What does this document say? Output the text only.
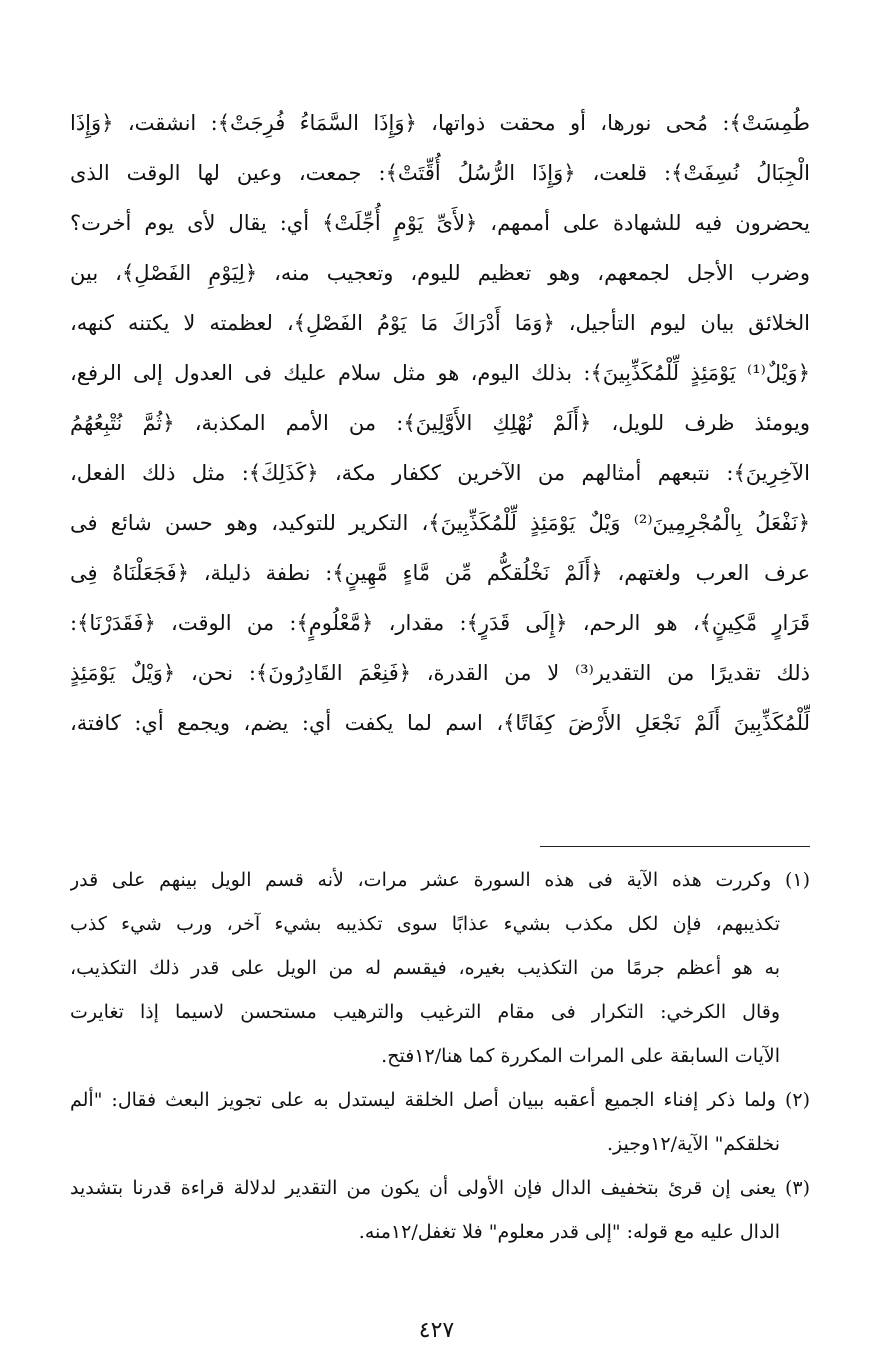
طُمِسَتْ﴾: مُحى نورها، أو محقت ذواتها، ﴿وَإِذَا السَّمَاءُ فُرِجَتْ﴾: انشقت، ﴿وَإِذَا
الْجِبَالُ نُسِفَتْ﴾: قلعت، ﴿وَإِذَا الرُّسُلُ أُقِّتَتْ﴾: جمعت، وعين لها الوقت الذى
يحضرون فيه للشهادة على أممهم، ﴿لأَىِّ يَوْمٍ أُجِّلَتْ﴾ أي: يقال لأى يوم أخرت؟
وضرب الأجل لجمعهم، وهو تعظيم لليوم، وتعجيب منه، ﴿لِيَوْمِ الفَصْلِ﴾، بين
الخلائق بيان ليوم التأجيل، ﴿وَمَا أَدْرَاكَ مَا يَوْمُ الفَصْلِ﴾، لعظمته لا يكتنه كنهه،
﴿وَيْلٌ⁽¹⁾ يَوْمَئِذٍ لِّلْمُكَذِّبِينَ﴾: بذلك اليوم، هو مثل سلام عليك فى العدول إلى الرفع،
ويومئذ ظرف للويل، ﴿أَلَمْ نُهْلِكِ الأَوَّلِينَ﴾: من الأمم المكذبة، ﴿ثُمَّ نُتْبِعُهُمُ
الآخِرِينَ﴾: نتبعهم أمثالهم من الآخرين ككفار مكة، ﴿كَذَلِكَ﴾: مثل ذلك الفعل،
﴿نَفْعَلُ بِالْمُجْرِمِينَ⁽²⁾ وَيْلٌ يَوْمَئِذٍ لِّلْمُكَذِّبِينَ﴾، التكرير للتوكيد، وهو حسن شائع فى
عرف العرب ولغتهم، ﴿أَلَمْ نَخْلُقكُّم مِّن مَّاءٍ مَّهِينٍ﴾: نطفة ذليلة، ﴿فَجَعَلْنَاهُ فِى
قَرَارٍ مَّكِينٍ﴾، هو الرحم، ﴿إِلَى قَدَرٍ﴾: مقدار، ﴿مَّعْلُومٍ﴾: من الوقت، ﴿فَقَدَرْنَا﴾:
ذلك تقديرًا من التقدير⁽³⁾ لا من القدرة، ﴿فَنِعْمَ القَادِرُونَ﴾: نحن، ﴿وَيْلٌ يَوْمَئِذٍ
لِّلْمُكَذِّبِينَ أَلَمْ نَجْعَلِ الأَرْضَ كِفَاتًا﴾، اسم لما يكفت أي: يضم، ويجمع أي: كافتة،
(١) وكررت هذه الآية فى هذه السورة عشر مرات، لأنه قسم الويل بينهم على قدر
تكذيبهم، فإن لكل مكذب بشيء عذابًا سوى تكذيبه بشيء آخر، ورب شيء كذب
به هو أعظم جرمًا من التكذيب بغيره، فيقسم له من الويل على قدر ذلك التكذيب،
وقال الكرخي: التكرار فى مقام الترغيب والترهيب مستحسن لاسيما إذا تغايرت
الآيات السابقة على المرات المكررة كما هنا/١٢فتح.
(٢) ولما ذكر إفناء الجميع أعقبه ببيان أصل الخلقة ليستدل به على تجويز البعث فقال: "ألم
نخلقكم" الآية/١٢وجيز.
(٣) يعنى إن قرئ بتخفيف الدال فإن الأولى أن يكون من التقدير لدلالة قراءة قدرنا بتشديد
الدال عليه مع قوله: "إلى قدر معلوم" فلا تغفل/١٢منه.
٤٢٧
